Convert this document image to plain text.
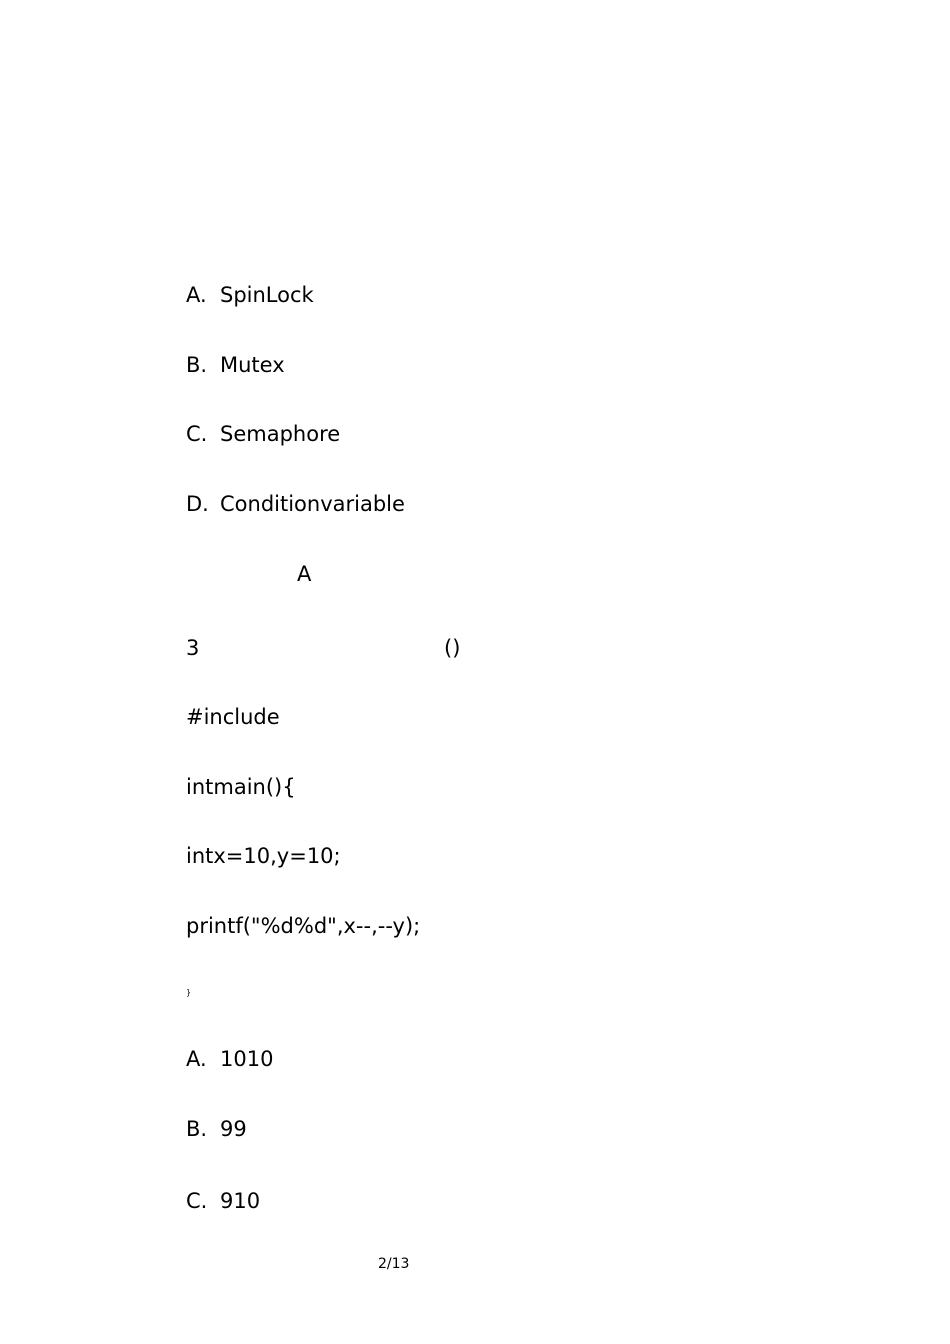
A. SpinLock
B. Mutex
C. Semaphore
D. Conditionvariable
A
3	()
#include
intmain(){
intx=10,y=10;
printf("%d%d",x--,--y);
}
A. 1010
B. 99
C. 910
2/13
